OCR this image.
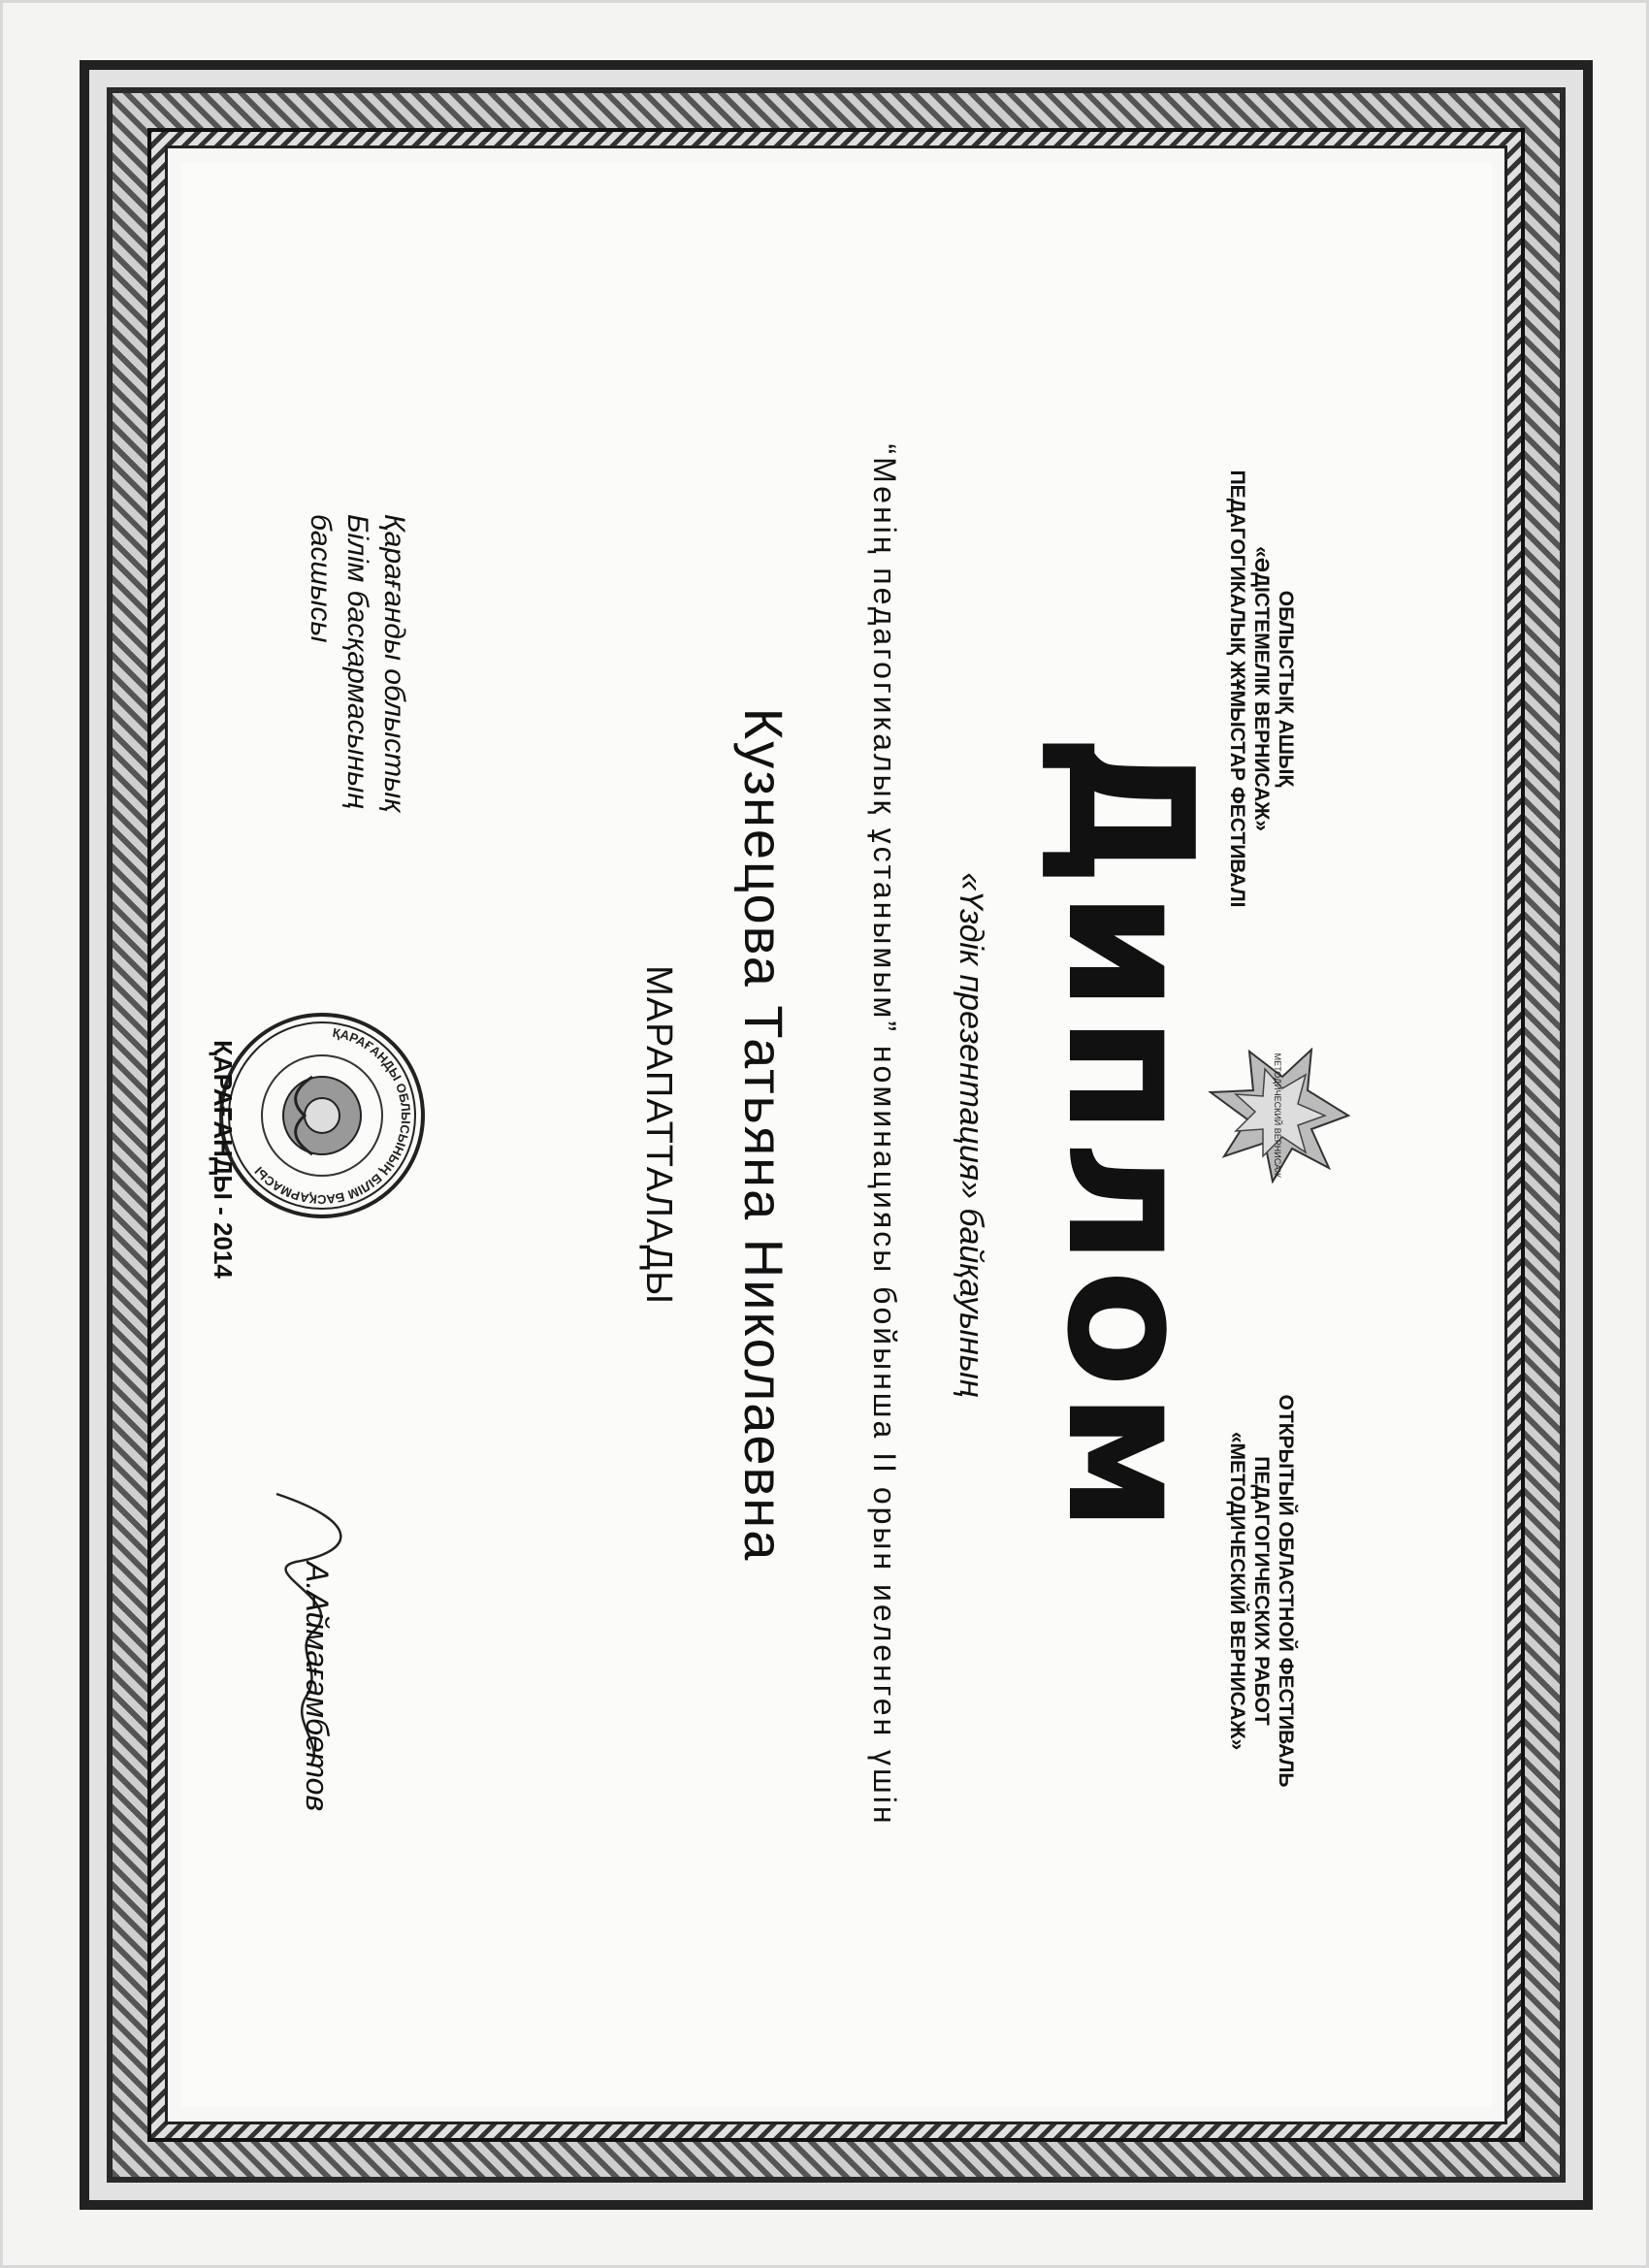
ОБЛЫСТЫҚ АШЫҚ
«ӘДІСТЕМЕЛІК ВЕРНИСАЖ»
ПЕДАГОГИКАЛЫҚ ЖҰМЫСТАР ФЕСТИВАЛІ
МЕТОДИЧЕСКИЙ ВЕРНИСАЖ
ОТКРЫТЫЙ ОБЛАСТНОЙ ФЕСТИВАЛЬ
ПЕДАГОГИЧЕСКИХ РАБОТ
«МЕТОДИЧЕСКИЙ ВЕРНИСАЖ»
Диплом
«Үздік презентация» байқауының
“Менің педагогикалық ұстанымым” номинациясы бойынша II орын иеленген үшін
Кузнецова Татьяна Николаевна
МАРАПАТТАЛАДЫ
Қарағанды облыстық
Білім басқармасының
басшысы
ҚАРАҒАНДЫ ОБЛЫСЫНЫҢ БІЛІМ БАСҚАРМАСЫ
ҚАРАҒАНДЫ - 2014
А.Аймағамбетов
